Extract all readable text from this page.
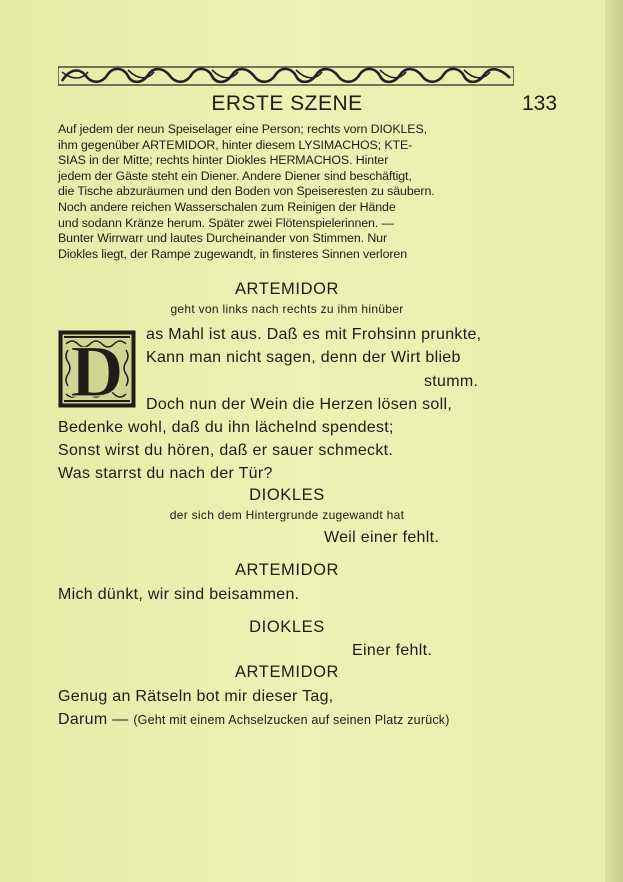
ERSTE SZENE	133
Auf jedem der neun Speiselager eine Person; rechts vorn DIOKLES,
ihm gegenüber ARTEMIDOR, hinter diesem LYSIMACHOS; KTE-
SIAS in der Mitte; rechts hinter Diokles HERMACHOS. Hinter
jedem der Gäste steht ein Diener. Andere Diener sind beschäftigt,
die Tische abzuräumen und den Boden von Speiseresten zu säubern.
Noch andere reichen Wasserschalen zum Reinigen der Hände
und sodann Kränze herum. Später zwei Flötenspielerinnen. —
Bunter Wirrwarr und lautes Durcheinander von Stimmen. Nur
Diokles liegt, der Rampe zugewandt, in finsteres Sinnen verloren
ARTEMIDOR
geht von links nach rechts zu ihm hinüber
D as Mahl ist aus. Daß es mit Frohsinn prunkte,
Kann man nicht sagen, denn der Wirt blieb
stumm.
Doch nun der Wein die Herzen lösen soll,
Bedenke wohl, daß du ihn lächelnd spendest;
Sonst wirst du hören, daß er sauer schmeckt.
Was starrst du nach der Tür?
DIOKLES
der sich dem Hintergrunde zugewandt hat
Weil einer fehlt.
ARTEMIDOR
Mich dünkt, wir sind beisammen.
DIOKLES
Einer fehlt.
ARTEMIDOR
Genug an Rätseln bot mir dieser Tag,
Darum — (Geht mit einem Achselzucken auf seinen Platz zurück)
